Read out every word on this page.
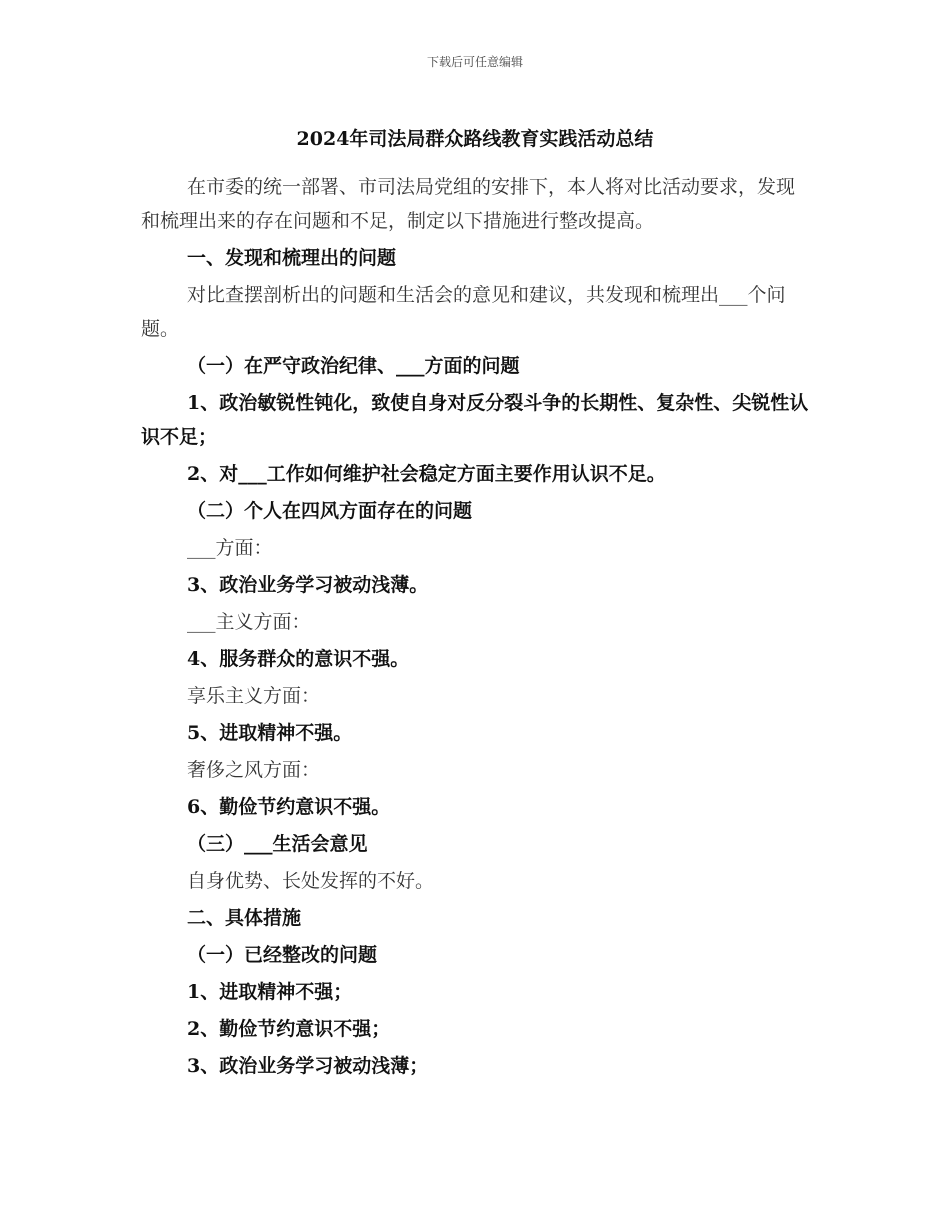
下载后可任意编辑
2024年司法局群众路线教育实践活动总结

在市委的统一部署、市司法局党组的安排下，本人将对比活动要求，发现和梳理出来的存在问题和不足，制定以下措施进行整改提高。

一、发现和梳理出的问题

对比查摆剖析出的问题和生活会的意见和建议，共发现和梳理出___个问题。

（一）在严守政治纪律、___方面的问题

1、政治敏锐性钝化，致使自身对反分裂斗争的长期性、复杂性、尖锐性认识不足；

2、对___工作如何维护社会稳定方面主要作用认识不足。

（二）个人在四风方面存在的问题

___方面：

3、政治业务学习被动浅薄。

___主义方面：

4、服务群众的意识不强。

享乐主义方面：

5、进取精神不强。

奢侈之风方面：

6、勤俭节约意识不强。

（三）___生活会意见

自身优势、长处发挥的不好。

二、具体措施

（一）已经整改的问题

1、进取精神不强；

2、勤俭节约意识不强；

3、政治业务学习被动浅薄；
